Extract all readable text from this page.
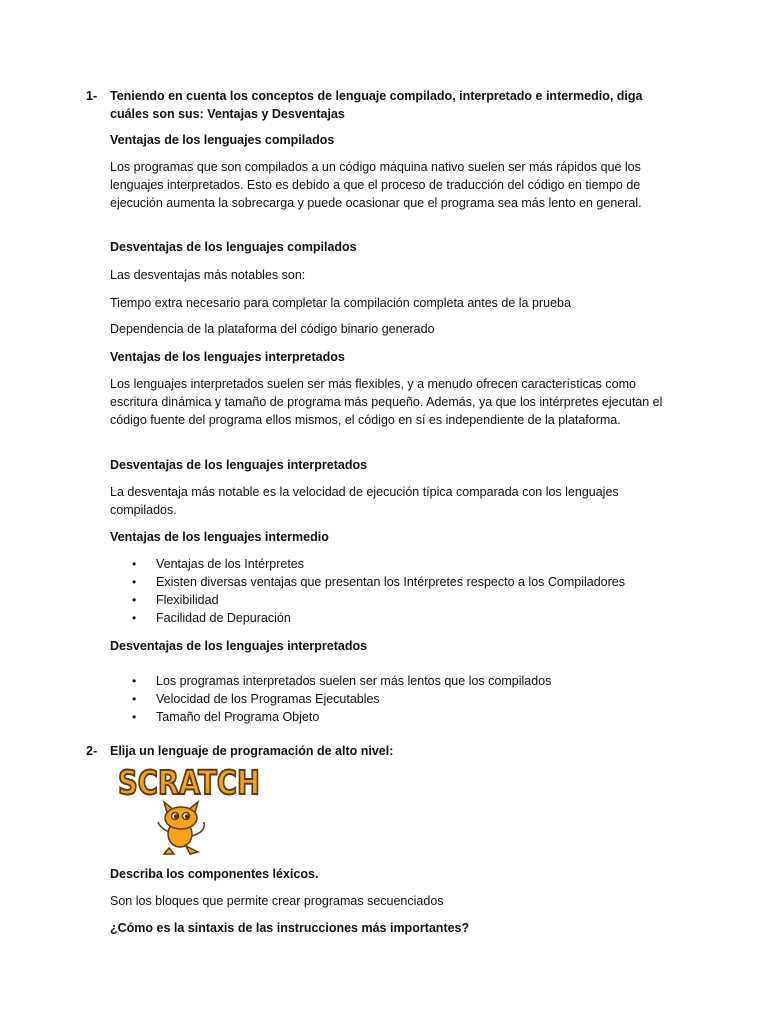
1- Teniendo en cuenta los conceptos de lenguaje compilado, interpretado e intermedio, diga cuáles son sus: Ventajas y Desventajas
Ventajas de los lenguajes compilados
Los programas que son compilados a un código máquina nativo suelen ser más rápidos que los lenguajes interpretados. Esto es debido a que el proceso de traducción del código en tiempo de ejecución aumenta la sobrecarga y puede ocasionar que el programa sea más lento en general.
Desventajas de los lenguajes compilados
Las desventajas más notables son:
Tiempo extra necesario para completar la compilación completa antes de la prueba
Dependencia de la plataforma del código binario generado
Ventajas de los lenguajes interpretados
Los lenguajes interpretados suelen ser más flexibles, y a menudo ofrecen características como escritura dinámica y tamaño de programa más pequeño. Además, ya que los intérpretes ejecutan el código fuente del programa ellos mismos, el código en sí es independiente de la plataforma.
Desventajas de los lenguajes interpretados
La desventaja más notable es la velocidad de ejecución típica comparada con los lenguajes compilados.
Ventajas de los lenguajes intermedio
• Ventajas de los Intérpretes
• Existen diversas ventajas que presentan los Intérpretes respecto a los Compiladores
• Flexibilidad
• Facilidad de Depuración
Desventajas de los lenguajes interpretados
• Los programas interpretados suelen ser más lentos que los compilados
• Velocidad de los Programas Ejecutables
• Tamaño del Programa Objeto
2- Elija un lenguaje de programación de alto nivel:
SCRATCH
Describa los componentes léxicos.
Son los bloques que permite crear programas secuenciados
¿Cómo es la sintaxis de las instrucciones más importantes?
